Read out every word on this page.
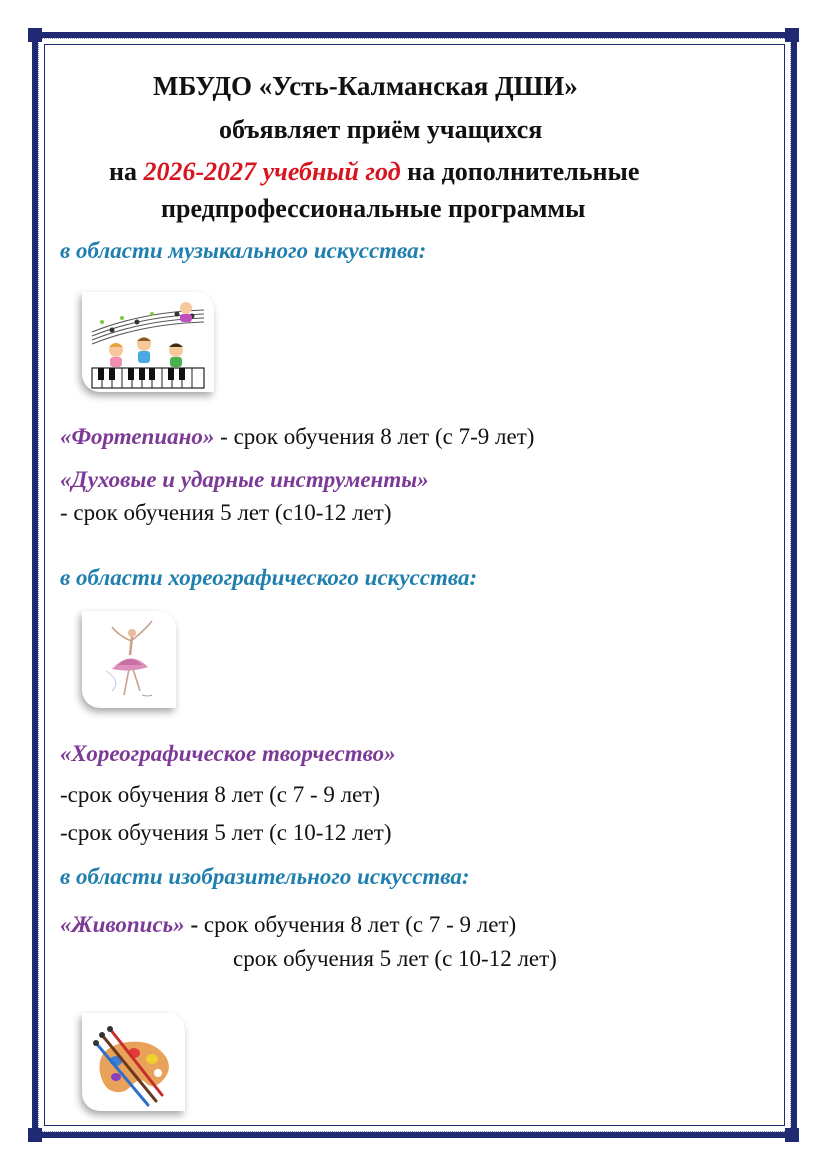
МБУДО «Усть-Калманская ДШИ»
объявляет приём учащихся
на 2026-2027 учебный год на дополнительные
предпрофессиональные программы
в области музыкального искусства:
«Фортепиано» - срок обучения 8 лет (с 7-9 лет)
«Духовые и ударные инструменты»
- срок обучения 5 лет (с10-12 лет)
в области хореографического искусства:
«Хореографическое творчество»
-срок обучения 8 лет (с 7 - 9 лет)
-срок обучения 5 лет (с 10-12 лет)
в области изобразительного искусства:
«Живопись» - срок обучения 8 лет (с 7 - 9 лет)
срок обучения 5 лет (с 10-12 лет)
